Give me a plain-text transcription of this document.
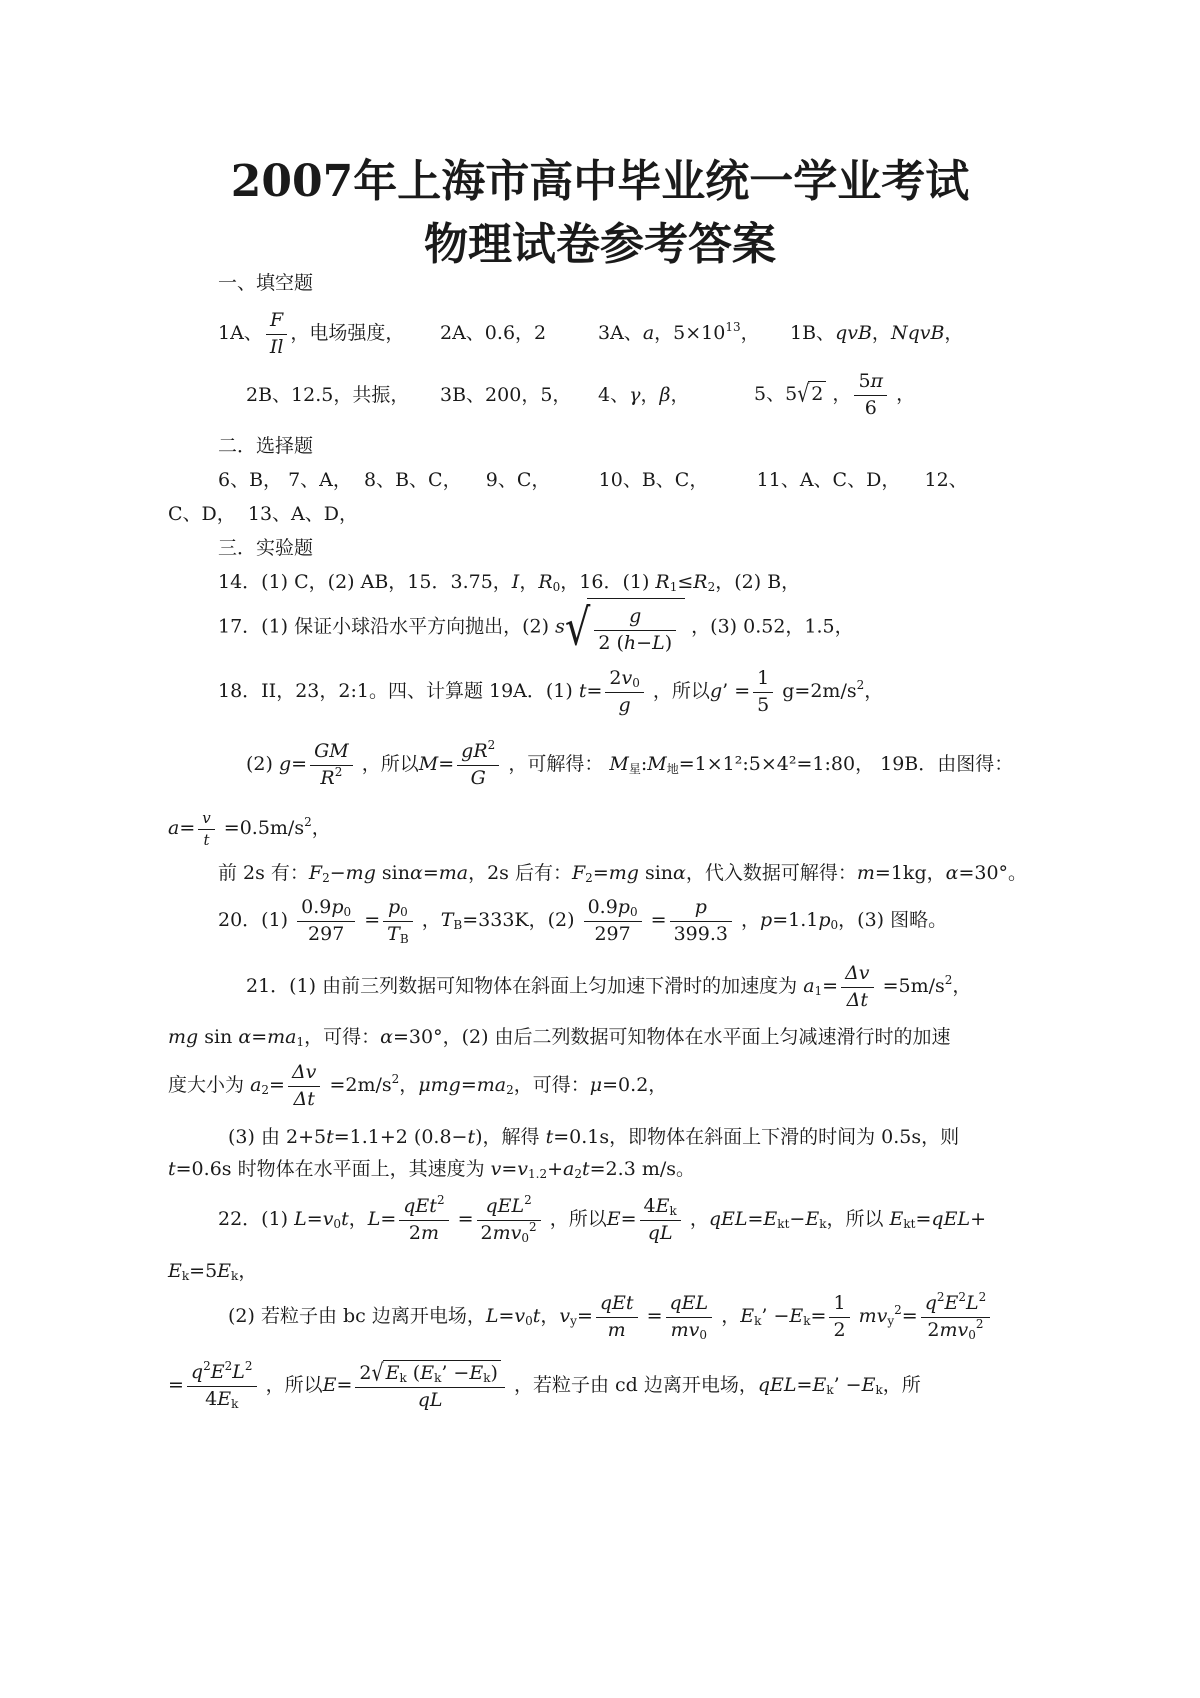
2007年上海市高中毕业统一学业考试
物理试卷参考答案
一、填空题
1A、 $\frac{F}{Il}$ ，电场强度， 2A、0.6，2	3A、a，$5\times 10^{13}$， 1B、qvB，NqvB，
2B、12.5，共振， 3B、200，5， 4、γ，β，	5、5√ 2 ， $\frac{5\pi}{6}$ ，
二．选择题
6、B， 7、A，  8、B、C，    9、C，        10、B、C，        11、A、C、D，    12、
C、D，  13、A、D，
三．实验题
14．(1) C，(2) AB，15．3.75，I，$R_0$，16．(1) $R_1\le R_2$，(2) B，
17．(1) 保证小球沿水平方向抛出，(2) $s√ \frac{g}{2 (h-L)}$ ，(3) 0.52，1.5，
18．II，23，2:1。四、计算题 19A．(1) $t= \frac{2v_0}{g}$ ，所以g’ = $\frac{1}{5} g=2m/s^2$，
(2) $g= \frac{GM}{R^2}$ ，所以$M= \frac{gR^2}{G}$ ，可解得： $M_星:M_地=1\times 1^2:5\times 4^2=1:80$， 19B．由图得：
$a= \frac{v}{t} =0.5m/s^2$，
前 2s 有：$F_2-mg$ sinα=ma，2s 后有：$F_2=mg$ sinα，代入数据可解得：m=1kg，α=30°。
20．$(1) \frac{0.9p_0}{297} = \frac{p_0}{T_B}$ ，$T_B=333K$，$(2) \frac{0.9p_0}{297} = \frac{p}{399.3}$ ，$p=1.1p_0$，(3) 图略。
21．(1) 由前三列数据可知物体在斜面上匀加速下滑时的加速度为 $a_1= \frac{\Delta v}{\Delta t} =5m/s^2$，
mg $\sin \alpha=ma_1$，可得：α=30°，(2) 由后二列数据可知物体在水平面上匀减速滑行时的加速
度大小为 $a_2= \frac{\Delta v}{\Delta t} =2m/s^2$，$\mu mg=ma_2$，可得：μ=0.2，
(3) 由 2+5t=1.1+2 (0.8−t)，解得 t=0.1s，即物体在斜面上下滑的时间为 0.5s，则
t=0.6s 时物体在水平面上，其速度为 $v=v_{1.2}+a_2t=2.3$ m/s。
22．(1) $L=v_0t$，$L= \frac{qEt^2}{2m} = \frac{qEL^2}{2mv_0^2}$ ，所以$E= \frac{4E_k}{qL}$ ，$qEL=E_{kt}-E_k$，所以 $E_{kt}=qEL+$
$E_k=5E_k$，
(2) 若粒子由 bc 边离开电场，$L=v_0t$，$v_y= \frac{\text{qEt}}{m} = \frac{\text{qEL}}{mv_0}$ ，$E_k$’ $-E_k= \frac{1}{2} mv_y^2= \frac{q^2E^2L^2}{2mv_0^2}$
= $\frac{q^2E^2L^2}{4E_k}$ ，所以$E= \frac{2√ E_k (E_k’ -E_k)}{qL}$ ，若粒子由 cd 边离开电场，$qEL=E_k$’ $-E_k$，所
